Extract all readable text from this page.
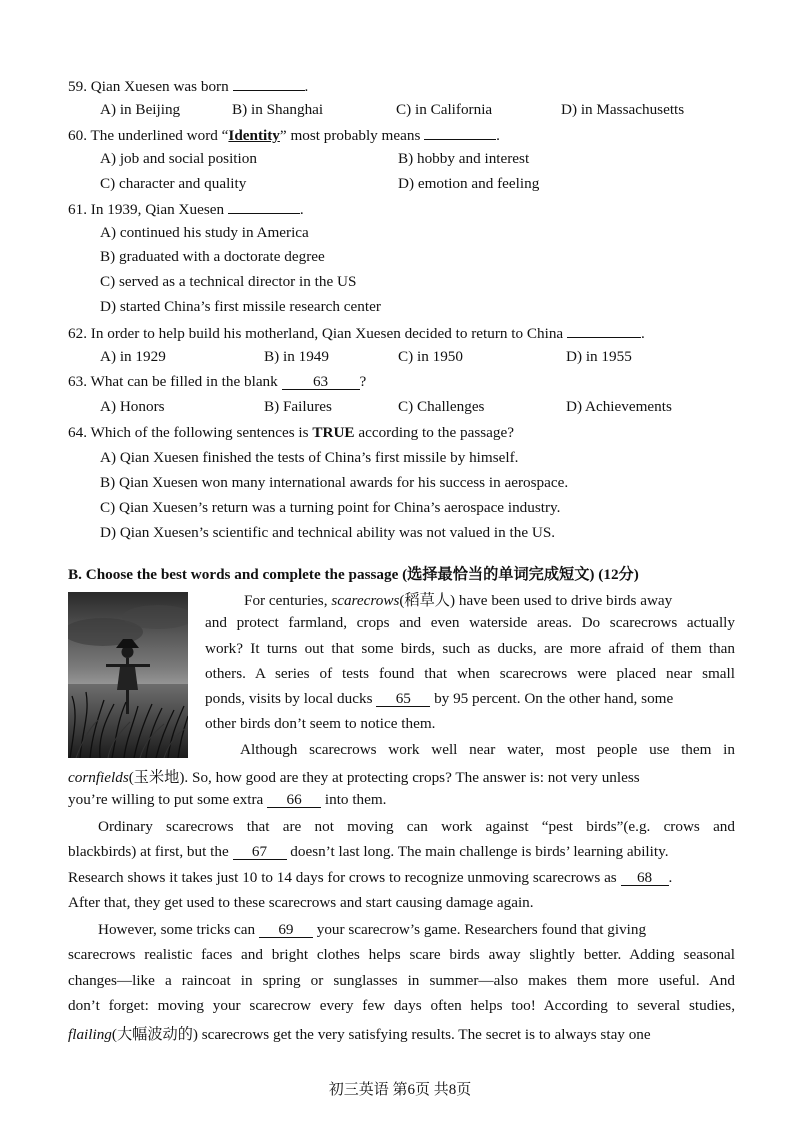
59. Qian Xuesen was born	.
A) in Beijing	B) in Shanghai	C) in California	D) in Massachusetts
60. The underlined word “Identity” most probably means	.
A) job and social position	B) hobby and interest
C) character and quality	D) emotion and feeling
61. In 1939, Qian Xuesen	.
A) continued his study in America
B) graduated with a doctorate degree
C) served as a technical director in the US
D) started China’s first missile research center
62. In order to help build his motherland, Qian Xuesen decided to return to China	.
A) in 1929	B) in 1949	C) in 1950	D) in 1955
63. What can be filled in the blank 63 ?
A) Honors	B) Failures	C) Challenges	D) Achievements
64. Which of the following sentences is TRUE according to the passage?
A) Qian Xuesen finished the tests of China’s first missile by himself.
B) Qian Xuesen won many international awards for his success in aerospace.
C) Qian Xuesen’s return was a turning point for China’s aerospace industry.
D) Qian Xuesen’s scientific and technical ability was not valued in the US.
B. Choose the best words and complete the passage (选择最恰当的单词完成短文) (12分)
For centuries, scarecrows(稻草人) have been used to drive birds away
and protect farmland, crops and even waterside areas. Do scarecrows actually
work? It turns out that some birds, such as ducks, are more afraid of them than
others. A series of tests found that when scarecrows were placed near small
ponds, visits by local ducks 65 by 95 percent. On the other hand, some
other birds don’t seem to notice them.
Although scarecrows work well near water, most people use them in
cornfields(玉米地). So, how good are they at protecting crops? The answer is: not very unless
you’re willing to put some extra 66 into them.
Ordinary scarecrows that are not moving can work against “pest birds”(e.g. crows and
blackbirds) at first, but the 67 doesn’t last long. The main challenge is birds’ learning ability.
Research shows it takes just 10 to 14 days for crows to recognize unmoving scarecrows as 68 .
After that, they get used to these scarecrows and start causing damage again.
However, some tricks can 69 your scarecrow’s game. Researchers found that giving
scarecrows realistic faces and bright clothes helps scare birds away slightly better. Adding seasonal
changes—like a raincoat in spring or sunglasses in summer—also makes them more useful. And
don’t forget: moving your scarecrow every few days often helps too! According to several studies,
flailing(大幅波动的) scarecrows get the very satisfying results. The secret is to always stay one
初三英语 第6页 共8页
